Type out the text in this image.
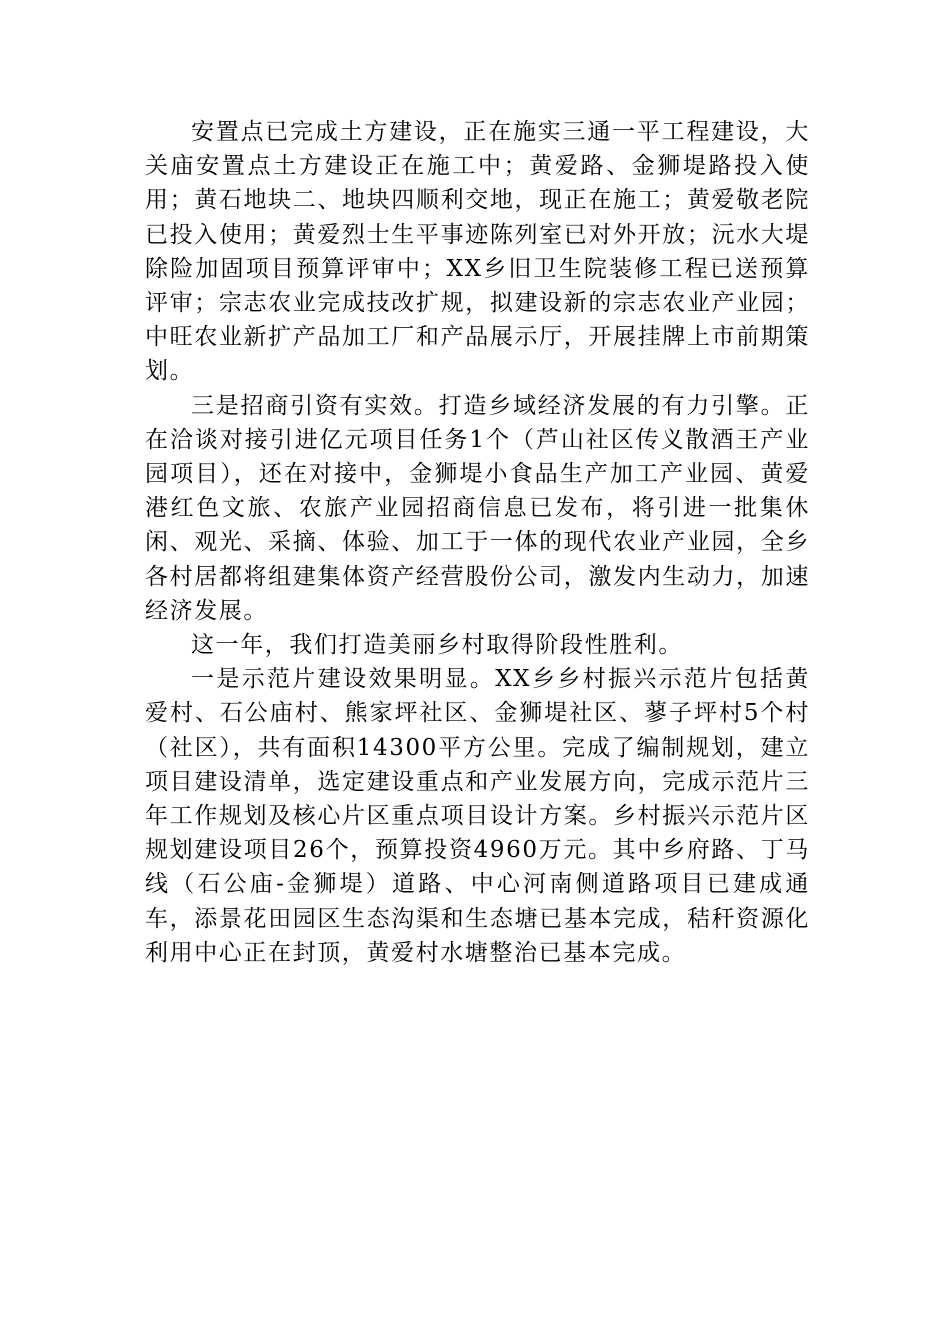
安置点已完成土方建设，正在施实三通一平工程建设，大关庙安置点土方建设正在施工中；黄爱路、金狮堤路投入使用；黄石地块二、地块四顺利交地，现正在施工；黄爱敬老院已投入使用；黄爱烈士生平事迹陈列室已对外开放；沅水大堤除险加固项目预算评审中；XX乡旧卫生院装修工程已送预算评审；宗志农业完成技改扩规，拟建设新的宗志农业产业园；中旺农业新扩产品加工厂和产品展示厅，开展挂牌上市前期策划。

三是招商引资有实效。打造乡域经济发展的有力引擎。正在洽谈对接引进亿元项目任务1个（芦山社区传义散酒王产业园项目），还在对接中，金狮堤小食品生产加工产业园、黄爱港红色文旅、农旅产业园招商信息已发布，将引进一批集休闲、观光、采摘、体验、加工于一体的现代农业产业园，全乡各村居都将组建集体资产经营股份公司，激发内生动力，加速经济发展。

这一年，我们打造美丽乡村取得阶段性胜利。

一是示范片建设效果明显。XX乡乡村振兴示范片包括黄爱村、石公庙村、熊家坪社区、金狮堤社区、蓼子坪村5个村（社区），共有面积14300平方公里。完成了编制规划，建立项目建设清单，选定建设重点和产业发展方向，完成示范片三年工作规划及核心片区重点项目设计方案。乡村振兴示范片区规划建设项目26个，预算投资4960万元。其中乡府路、丁马线（石公庙-金狮堤）道路、中心河南侧道路项目已建成通车，添景花田园区生态沟渠和生态塘已基本完成，秸秆资源化利用中心正在封顶，黄爱村水塘整治已基本完成。
